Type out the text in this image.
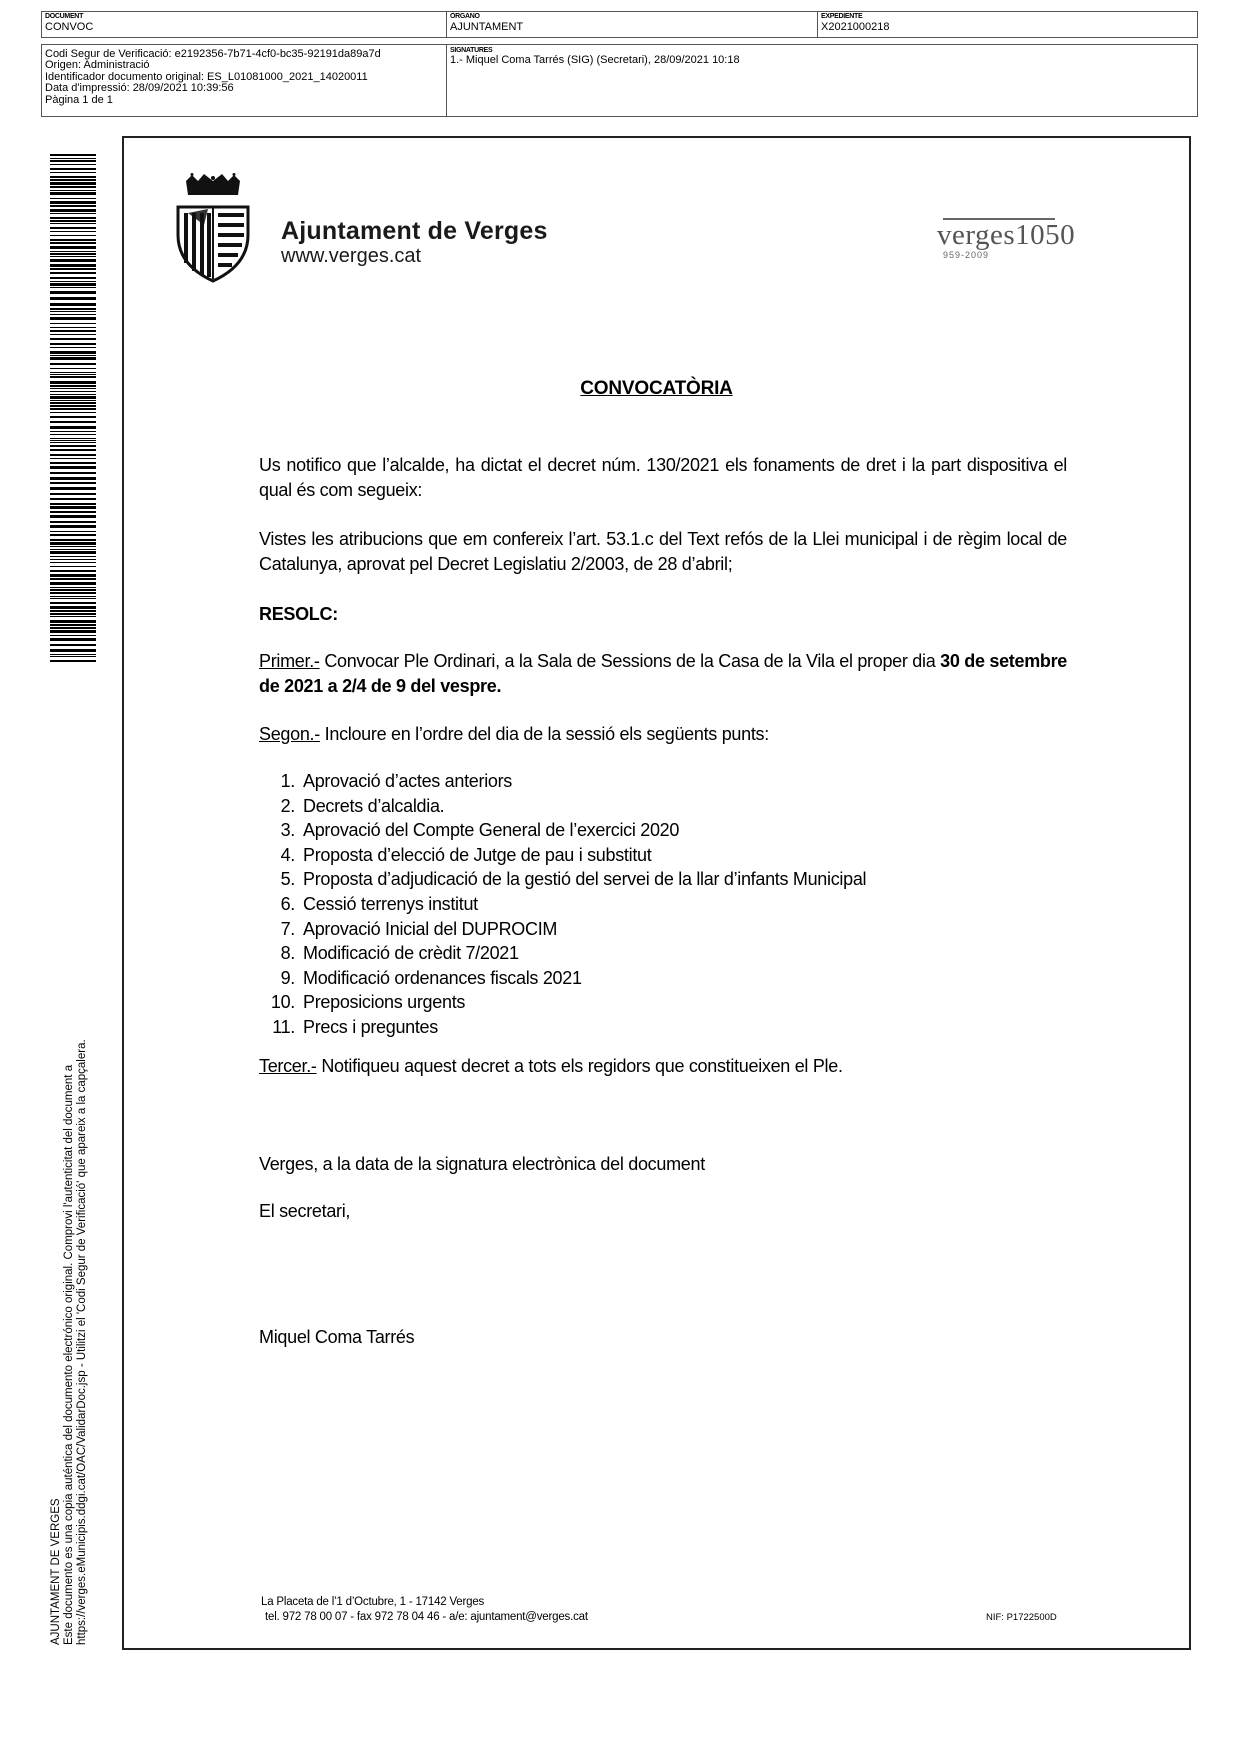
DOCUMENT
CONVOC
ÒRGANO
AJUNTAMENT
EXPEDIENTE
X2021000218
Codi Segur de Verificació: e2192356-7b71-4cf0-bc35-92191da89a7d
Origen: Administració
Identificador documento original: ES_L01081000_2021_14020011
Data d'impressió: 28/09/2021 10:39:56
Pàgina 1 de 1
SIGNATURES
1.- Miquel Coma Tarrés (SIG) (Secretari), 28/09/2021 10:18
AJUNTAMENT DE VERGES Este documento es una copia auténtica del documento electrónico original. Comprovi l'autenticitat del document a https://verges.eMunicipis.ddgi.cat/OAC/ValidarDoc.jsp - Utilitzi el 'Codi Segur de Verificació' que apareix a la capçalera.
Ajuntament de Verges
www.verges.cat
verges1050
959-2009
CONVOCATÒRIA
Us notifico que l’alcalde, ha dictat el decret núm. 130/2021 els fonaments de dret i la part dispositiva el qual és com segueix:
Vistes les atribucions que em confereix l’art. 53.1.c del Text refós de la Llei municipal i de règim local de Catalunya, aprovat pel Decret Legislatiu 2/2003, de 28 d’abril;
RESOLC:
Primer.- Convocar Ple Ordinari, a la Sala de Sessions de la Casa de la Vila el proper dia 30 de setembre de 2021 a 2/4 de 9 del vespre.
Segon.- Incloure en l’ordre del dia de la sessió els següents punts:
1. Aprovació d’actes anteriors
2. Decrets d’alcaldia.
3. Aprovació del Compte General de l’exercici 2020
4. Proposta d’elecció de Jutge de pau i substitut
5. Proposta d’adjudicació de la gestió del servei de la llar d’infants Municipal
6. Cessió terrenys institut
7. Aprovació Inicial del DUPROCIM
8. Modificació de crèdit 7/2021
9. Modificació ordenances fiscals 2021
10. Preposicions urgents
11. Precs i preguntes
Tercer.- Notifiqueu aquest decret a tots els regidors que constitueixen el Ple.
Verges, a la data de la signatura electrònica del document
El secretari,
Miquel Coma Tarrés
La Placeta de l’1 d’Octubre, 1 - 17142 Verges
tel. 972 78 00 07 - fax 972 78 04 46 - a/e: ajuntament@verges.cat	NIF: P1722500D
